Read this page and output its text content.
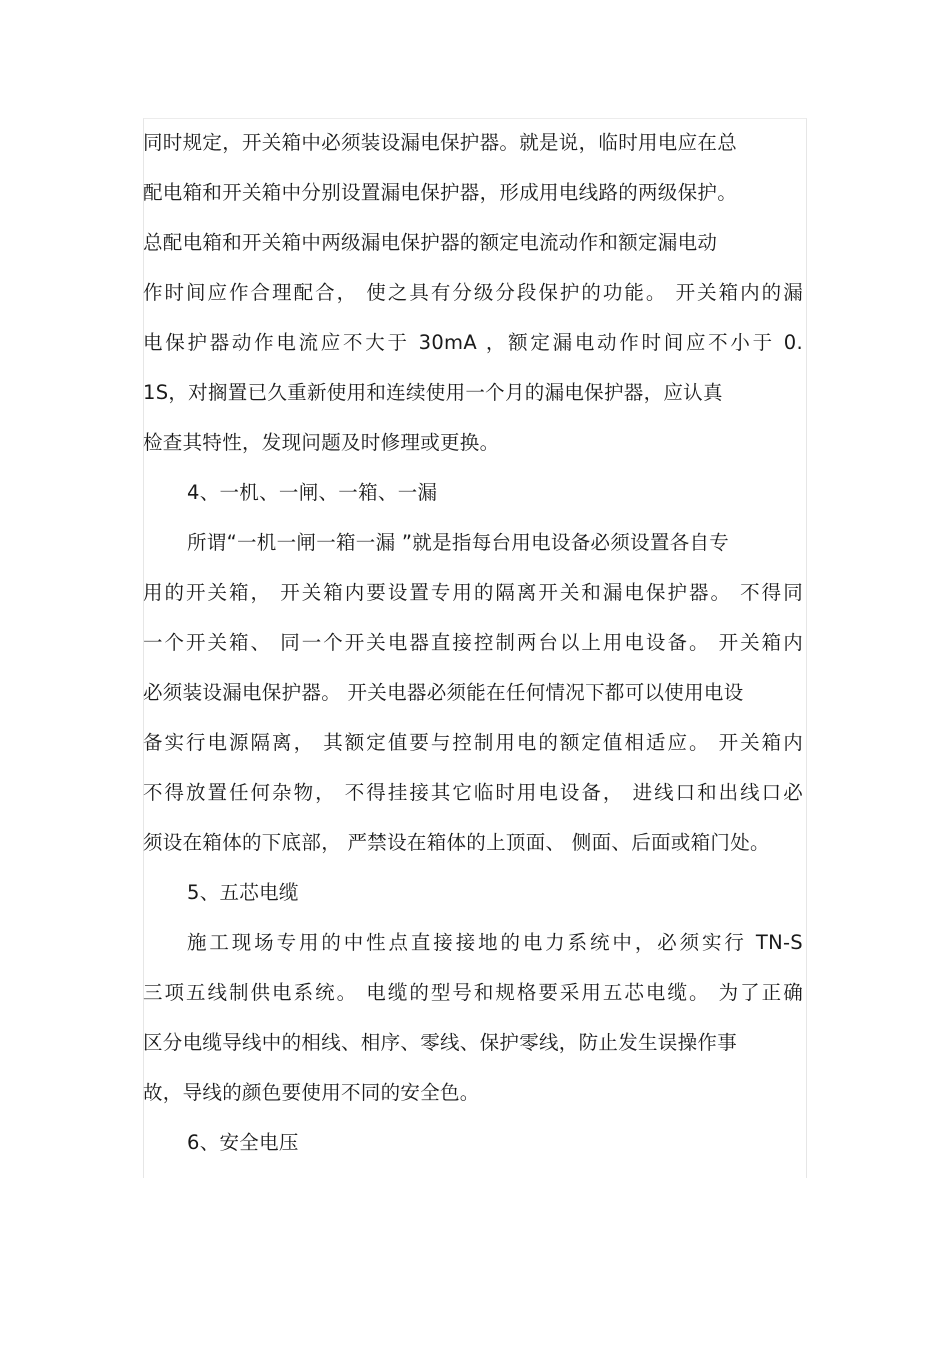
同时规定，开关箱中必须装设漏电保护器。就是说，临时用电应在总
配电箱和开关箱中分别设置漏电保护器，形成用电线路的两级保护。
总配电箱和开关箱中两级漏电保护器的额定电流动作和额定漏电动
作时间应作合理配合， 使之具有分级分段保护的功能。 开关箱内的漏
电保护器动作电流应不大于 30mA ，额定漏电动作时间应不小于 0.
1S，对搁置已久重新使用和连续使用一个月的漏电保护器，应认真
检查其特性，发现问题及时修理或更换。
4、一机、一闸、一箱、一漏
所谓“一机一闸一箱一漏 ”就是指每台用电设备必须设置各自专
用的开关箱， 开关箱内要设置专用的隔离开关和漏电保护器。 不得同
一个开关箱、 同一个开关电器直接控制两台以上用电设备。 开关箱内
必须装设漏电保护器。 开关电器必须能在任何情况下都可以使用电设
备实行电源隔离， 其额定值要与控制用电的额定值相适应。 开关箱内
不得放置任何杂物， 不得挂接其它临时用电设备， 进线口和出线口必
须设在箱体的下底部， 严禁设在箱体的上顶面、 侧面、后面或箱门处。
5、五芯电缆
施工现场专用的中性点直接接地的电力系统中，必须实行 TN-S
三项五线制供电系统。 电缆的型号和规格要采用五芯电缆。 为了正确
区分电缆导线中的相线、相序、零线、保护零线，防止发生误操作事
故，导线的颜色要使用不同的安全色。
6、安全电压
